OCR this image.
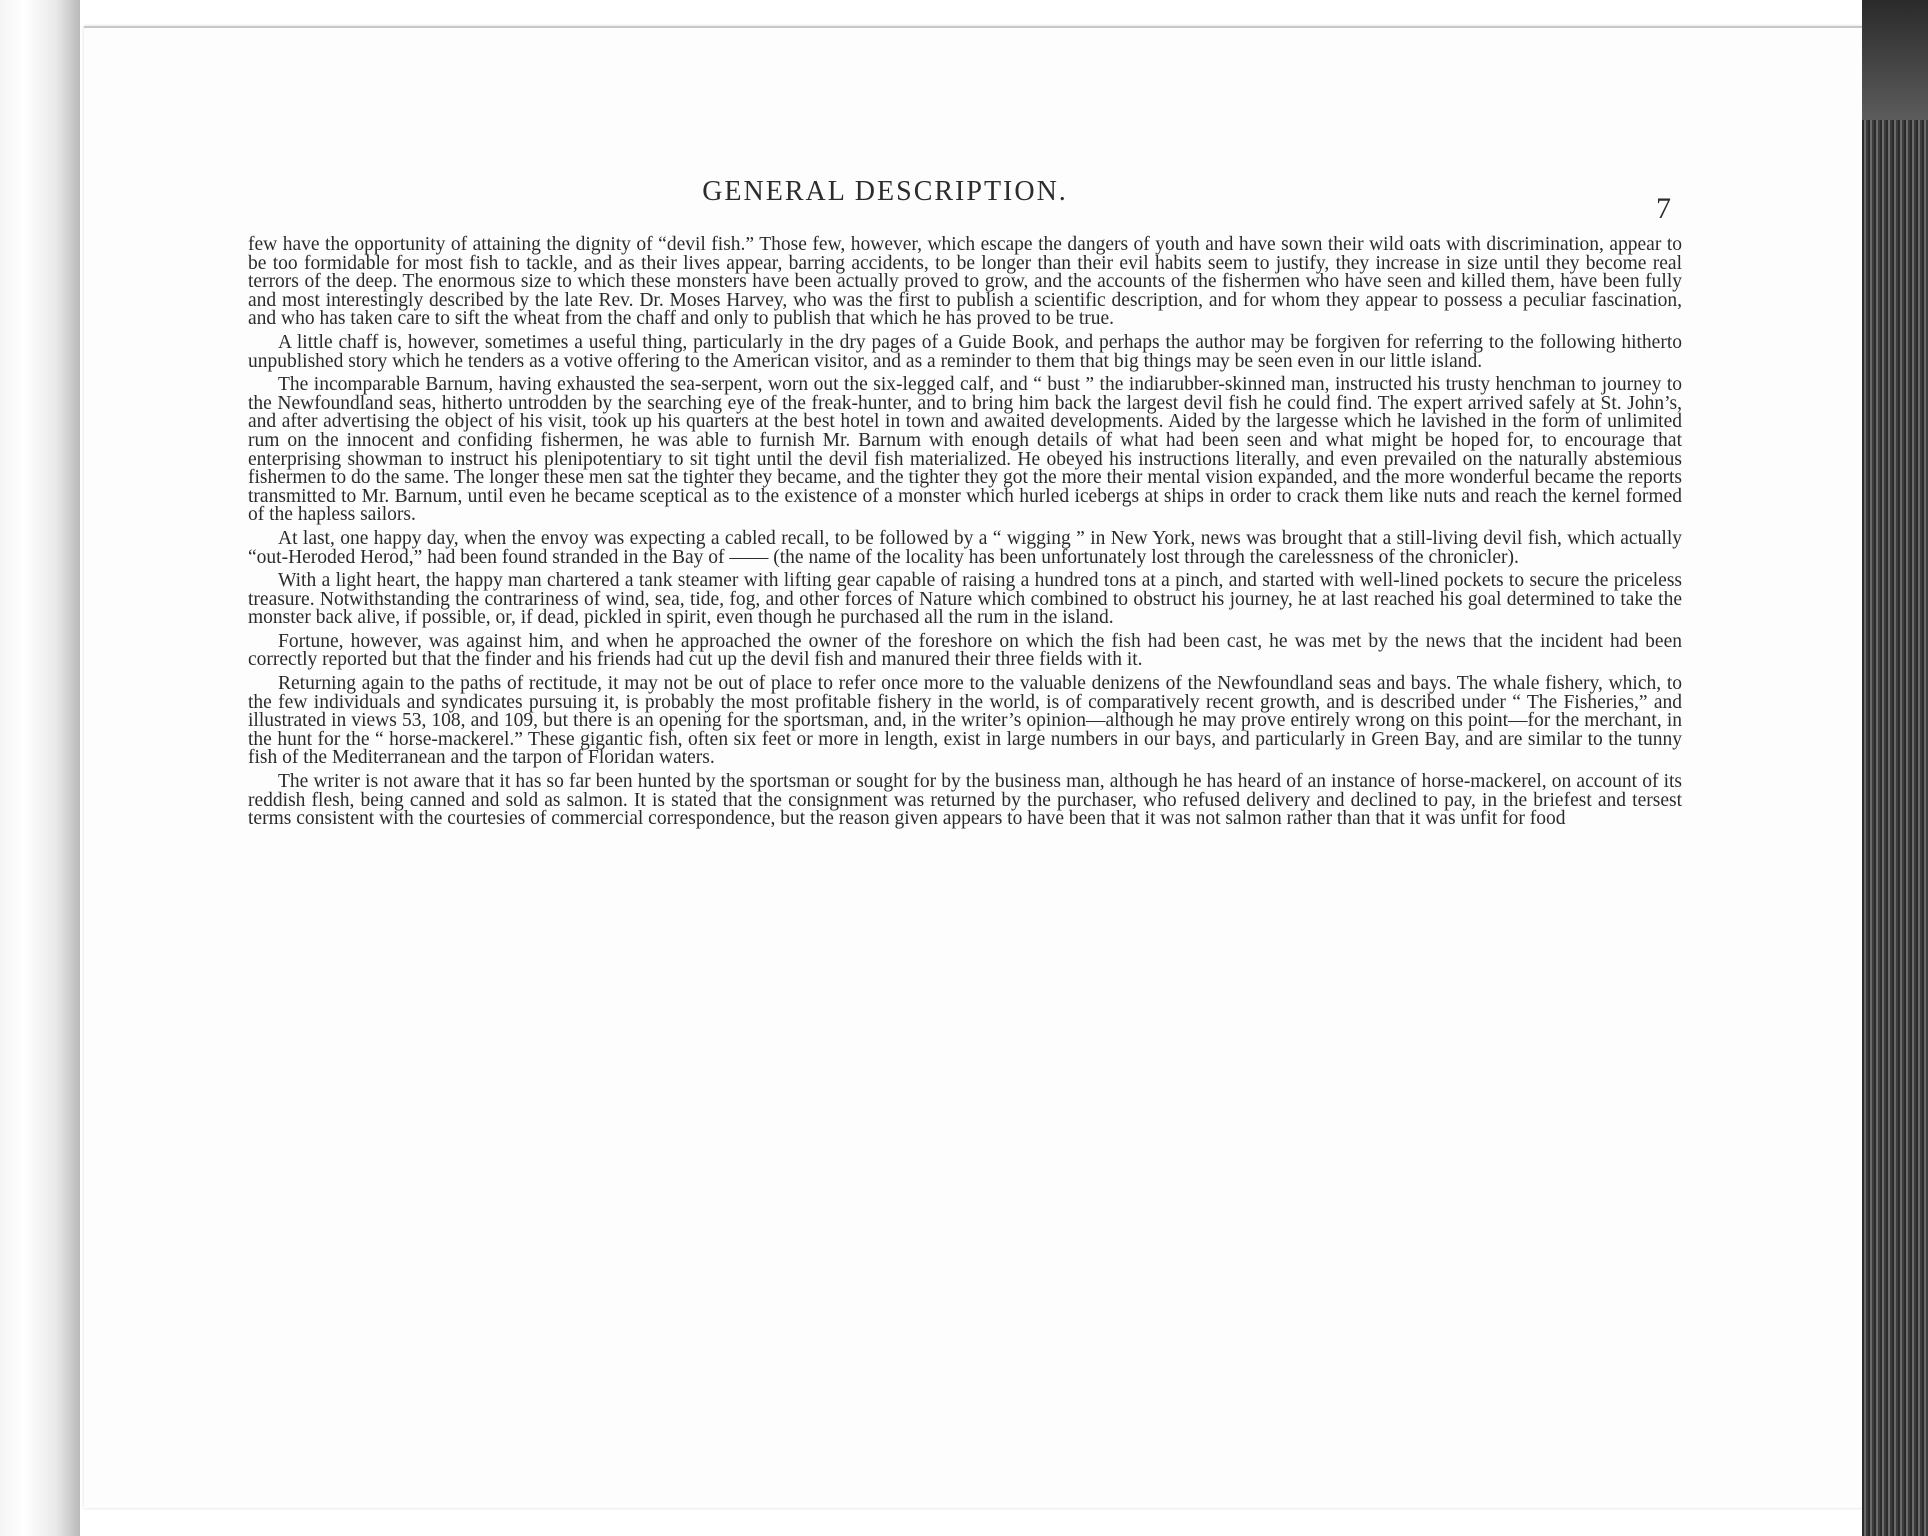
GENERAL DESCRIPTION.
7

few have the opportunity of attaining the dignity of “devil fish.” Those few, however, which escape the dangers of youth and have sown their wild oats with discrimination, appear to be too formidable for most fish to tackle, and as their lives appear, barring accidents, to be longer than their evil habits seem to justify, they increase in size until they become real terrors of the deep. The enormous size to which these monsters have been actually proved to grow, and the accounts of the fishermen who have seen and killed them, have been fully and most interestingly described by the late Rev. Dr. Moses Harvey, who was the first to publish a scientific description, and for whom they appear to possess a peculiar fascination, and who has taken care to sift the wheat from the chaff and only to publish that which he has proved to be true.

A little chaff is, however, sometimes a useful thing, particularly in the dry pages of a Guide Book, and perhaps the author may be forgiven for referring to the following hitherto unpublished story which he tenders as a votive offering to the American visitor, and as a reminder to them that big things may be seen even in our little island.

The incomparable Barnum, having exhausted the sea-serpent, worn out the six-legged calf, and “ bust ” the indiarubber-skinned man, instructed his trusty henchman to journey to the Newfoundland seas, hitherto untrodden by the searching eye of the freak-hunter, and to bring him back the largest devil fish he could find. The expert arrived safely at St. John’s, and after advertising the object of his visit, took up his quarters at the best hotel in town and awaited developments. Aided by the largesse which he lavished in the form of unlimited rum on the innocent and confiding fishermen, he was able to furnish Mr. Barnum with enough details of what had been seen and what might be hoped for, to encourage that enterprising showman to instruct his plenipotentiary to sit tight until the devil fish materialized. He obeyed his instructions literally, and even prevailed on the naturally abstemious fishermen to do the same. The longer these men sat the tighter they became, and the tighter they got the more their mental vision expanded, and the more wonderful became the reports transmitted to Mr. Barnum, until even he became sceptical as to the existence of a monster which hurled icebergs at ships in order to crack them like nuts and reach the kernel formed of the hapless sailors.

At last, one happy day, when the envoy was expecting a cabled recall, to be followed by a “ wigging ” in New York, news was brought that a still-living devil fish, which actually “out-Heroded Herod,” had been found stranded in the Bay of —— (the name of the locality has been unfortunately lost through the carelessness of the chronicler).

With a light heart, the happy man chartered a tank steamer with lifting gear capable of raising a hundred tons at a pinch, and started with well-lined pockets to secure the priceless treasure. Notwithstanding the contrariness of wind, sea, tide, fog, and other forces of Nature which combined to obstruct his journey, he at last reached his goal determined to take the monster back alive, if possible, or, if dead, pickled in spirit, even though he purchased all the rum in the island.

Fortune, however, was against him, and when he approached the owner of the foreshore on which the fish had been cast, he was met by the news that the incident had been correctly reported but that the finder and his friends had cut up the devil fish and manured their three fields with it.

Returning again to the paths of rectitude, it may not be out of place to refer once more to the valuable denizens of the Newfoundland seas and bays. The whale fishery, which, to the few individuals and syndicates pursuing it, is probably the most profitable fishery in the world, is of comparatively recent growth, and is described under “ The Fisheries,” and illustrated in views 53, 108, and 109, but there is an opening for the sportsman, and, in the writer’s opinion—although he may prove entirely wrong on this point—for the merchant, in the hunt for the “ horse-mackerel.” These gigantic fish, often six feet or more in length, exist in large numbers in our bays, and particularly in Green Bay, and are similar to the tunny fish of the Mediterranean and the tarpon of Floridan waters.

The writer is not aware that it has so far been hunted by the sportsman or sought for by the business man, although he has heard of an instance of horse-mackerel, on account of its reddish flesh, being canned and sold as salmon. It is stated that the consignment was returned by the purchaser, who refused delivery and declined to pay, in the briefest and tersest terms consistent with the courtesies of commercial correspondence, but the reason given appears to have been that it was not salmon rather than that it was unfit for food
